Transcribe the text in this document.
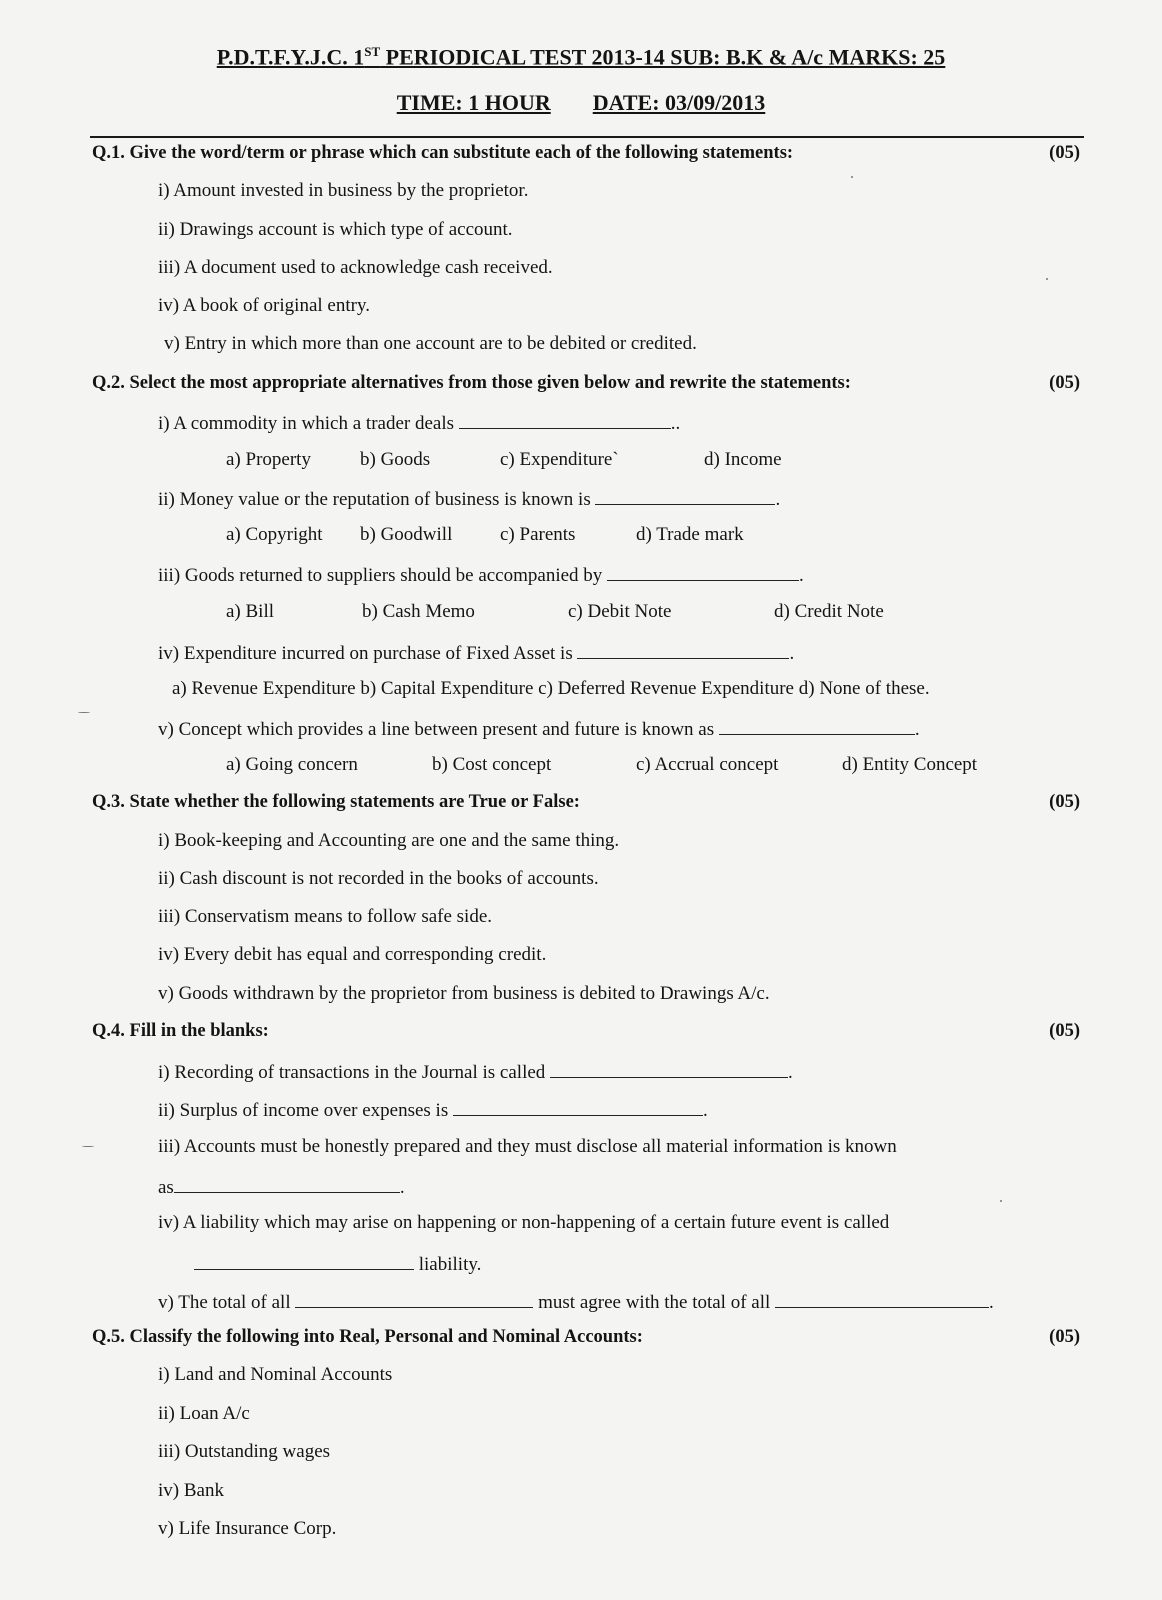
P.D.T.F.Y.J.C. 1ST PERIODICAL TEST 2013-14 SUB: B.K & A/c MARKS: 25
TIME: 1 HOUR DATE: 03/09/2013
Q.1. Give the word/term or phrase which can substitute each of the following statements:	(05)
i) Amount invested in business by the proprietor.
ii) Drawings account is which type of account.
iii) A document used to acknowledge cash received.
iv) A book of original entry.
v) Entry in which more than one account are to be debited or credited.
Q.2. Select the most appropriate alternatives from those given below and rewrite the statements:	(05)
i) A commodity in which a trader deals	..
a) Property	b) Goods	c) Expenditure`	d) Income
ii) Money value or the reputation of business is known is	.
a) Copyright b) Goodwill	c) Parents	d) Trade mark
iii) Goods returned to suppliers should be accompanied by	.
a) Bill	b) Cash Memo	c) Debit Note	d) Credit Note
iv) Expenditure incurred on purchase of Fixed Asset is	.
a) Revenue Expenditure b) Capital Expenditure c) Deferred Revenue Expenditure d) None of these.
v) Concept which provides a line between present and future is known as	.
a) Going concern	b) Cost concept	c) Accrual concept	d) Entity Concept
Q.3. State whether the following statements are True or False:	(05)
i) Book-keeping and Accounting are one and the same thing.
ii) Cash discount is not recorded in the books of accounts.
iii) Conservatism means to follow safe side.
iv) Every debit has equal and corresponding credit.
v) Goods withdrawn by the proprietor from business is debited to Drawings A/c.
Q.4. Fill in the blanks:	(05)
i) Recording of transactions in the Journal is called	.
ii) Surplus of income over expenses is	.
iii) Accounts must be honestly prepared and they must disclose all material information is known
as	.
iv) A liability which may arise on happening or non-happening of a certain future event is called
liability.
v) The total of all	must agree with the total of all	.
Q.5. Classify the following into Real, Personal and Nominal Accounts:	(05)
i) Land and Nominal Accounts
ii) Loan A/c
iii) Outstanding wages
iv) Bank
v) Life Insurance Corp.
